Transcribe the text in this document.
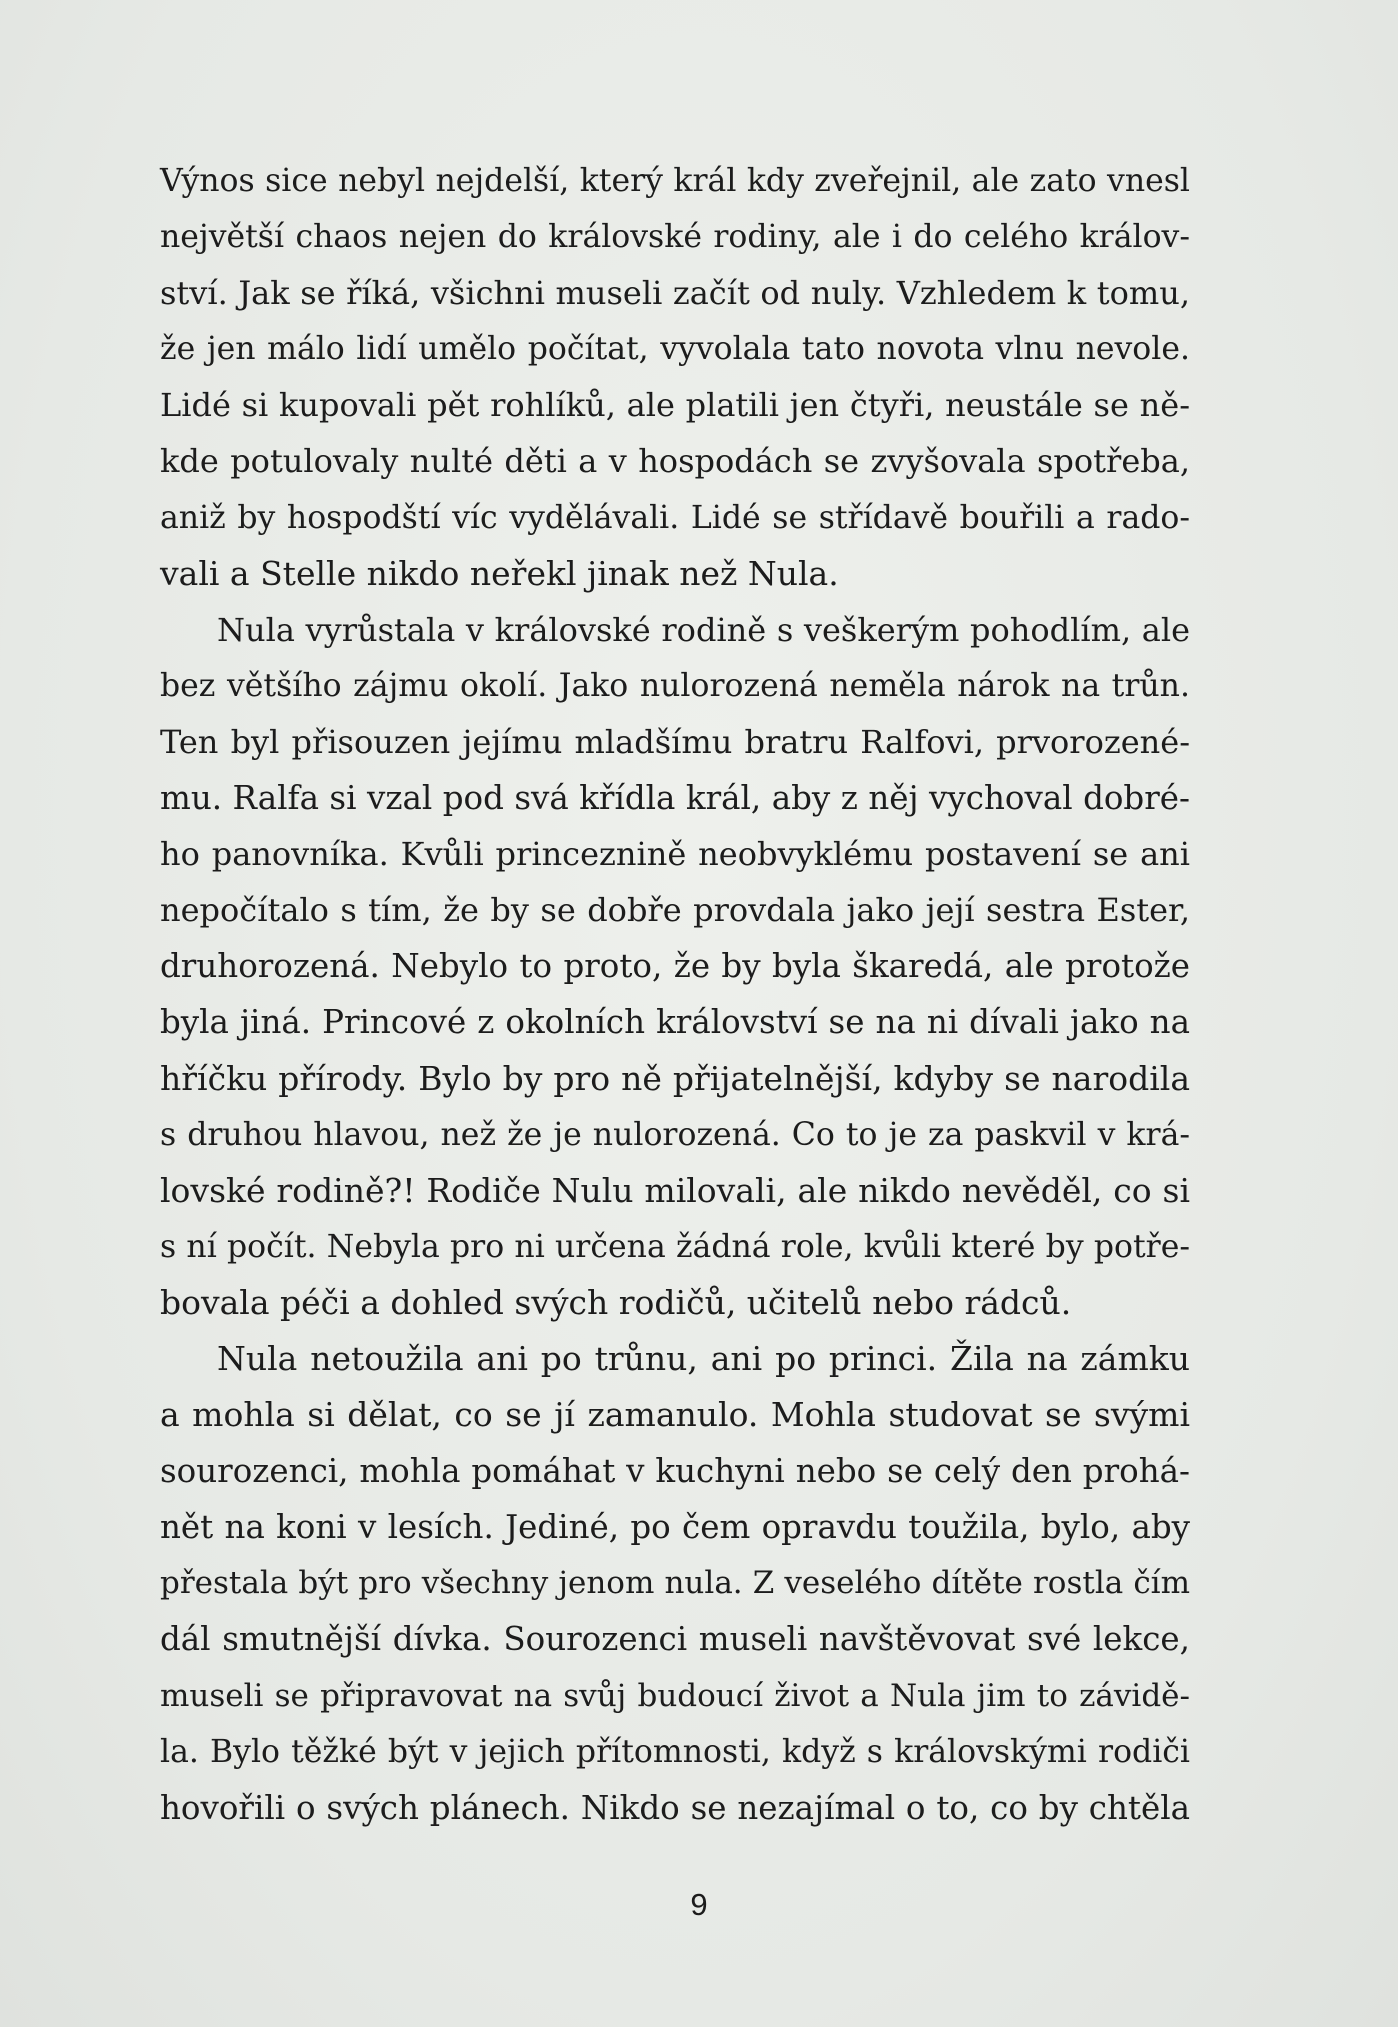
Výnos sice nebyl nejdelší, který král kdy zveřejnil, ale zato vnesl
největší chaos nejen do královské rodiny, ale i do celého králov-
ství. Jak se říká, všichni museli začít od nuly. Vzhledem k tomu,
že jen málo lidí umělo počítat, vyvolala tato novota vlnu nevole.
Lidé si kupovali pět rohlíků, ale platili jen čtyři, neustále se ně-
kde potulovaly nulté děti a v hospodách se zvyšovala spotřeba,
aniž by hospodští víc vydělávali. Lidé se střídavě bouřili a rado-
vali a Stelle nikdo neřekl jinak než Nula.
Nula vyrůstala v královské rodině s veškerým pohodlím, ale
bez většího zájmu okolí. Jako nulorozená neměla nárok na trůn.
Ten byl přisouzen jejímu mladšímu bratru Ralfovi, prvorozené-
mu. Ralfa si vzal pod svá křídla král, aby z něj vychoval dobré-
ho panovníka. Kvůli princeznině neobvyklému postavení se ani
nepočítalo s tím, že by se dobře provdala jako její sestra Ester,
druhorozená. Nebylo to proto, že by byla škaredá, ale protože
byla jiná. Princové z okolních království se na ni dívali jako na
hříčku přírody. Bylo by pro ně přijatelnější, kdyby se narodila
s druhou hlavou, než že je nulorozená. Co to je za paskvil v krá-
lovské rodině?! Rodiče Nulu milovali, ale nikdo nevěděl, co si
s ní počít. Nebyla pro ni určena žádná role, kvůli které by potře-
bovala péči a dohled svých rodičů, učitelů nebo rádců.
Nula netoužila ani po trůnu, ani po princi. Žila na zámku
a mohla si dělat, co se jí zamanulo. Mohla studovat se svými
sourozenci, mohla pomáhat v kuchyni nebo se celý den prohá-
nět na koni v lesích. Jediné, po čem opravdu toužila, bylo, aby
přestala být pro všechny jenom nula. Z veselého dítěte rostla čím
dál smutnější dívka. Sourozenci museli navštěvovat své lekce,
museli se připravovat na svůj budoucí život a Nula jim to závidě-
la. Bylo těžké být v jejich přítomnosti, když s královskými rodiči
hovořili o svých plánech. Nikdo se nezajímal o to, co by chtěla
9
